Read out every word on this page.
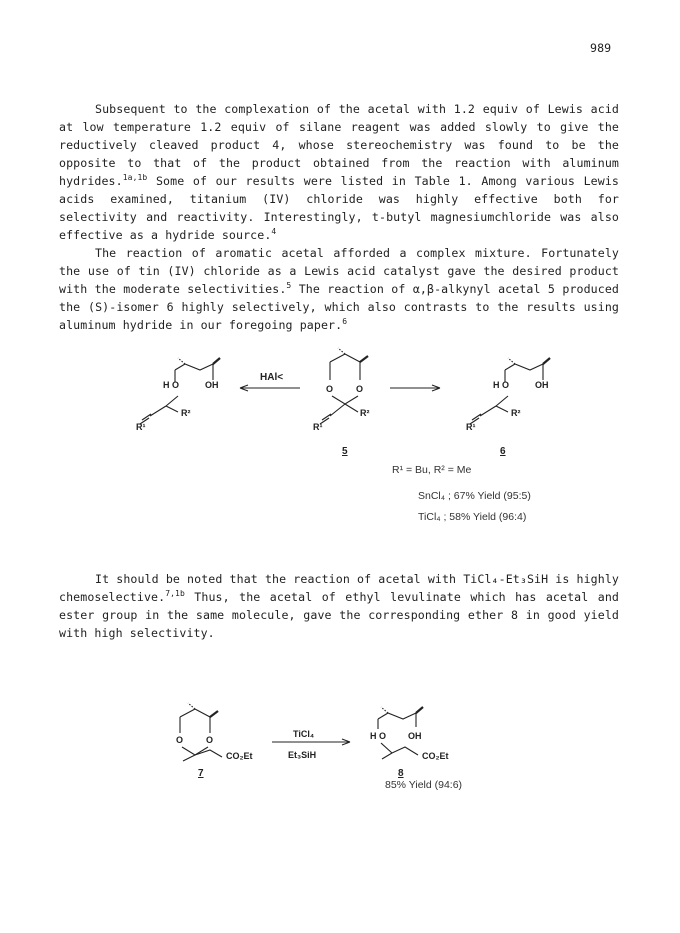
989

Subsequent to the complexation of the acetal with 1.2 equiv of Lewis acid at low temperature 1.2 equiv of silane reagent was added slowly to give the reductively cleaved product 4, whose stereochemistry was found to be the opposite to that of the product obtained from the reaction with aluminum hydrides.$^{1a,1b}$ Some of our results were listed in Table 1. Among various Lewis acids examined, titanium (IV) chloride was highly effective both for selectivity and reactivity. Interestingly, t-butyl magnesiumchloride was also effective as a hydride source.$^4$

The reaction of aromatic acetal afforded a complex mixture. Fortunately the use of tin (IV) chloride as a Lewis acid catalyst gave the desired product with the moderate selectivities.$^5$ The reaction of α,β-alkynyl acetal 5 produced the (S)-isomer 6 highly selectively, which also contrasts to the results using aluminum hydride in our foregoing paper.$^6$

H O	OH
R¹
R²
O	O
R¹
R²
H O	OH
R¹
R²
HAl<
5	6
R¹ = Bu, R² = Me
SnCl₄ ; 67% Yield (95:5)
TiCl₄ ; 58% Yield (96:4)

It should be noted that the reaction of acetal with TiCl₄-Et₃SiH is highly chemoselective.$^{7,1b}$ Thus, the acetal of ethyl levulinate which has acetal and ester group in the same molecule, gave the corresponding ether 8 in good yield with high selectivity.

O	O
CO₂Et
TiCl₄
Et₃SiH
H O OH
CO₂Et
7	8
85% Yield (94:6)
